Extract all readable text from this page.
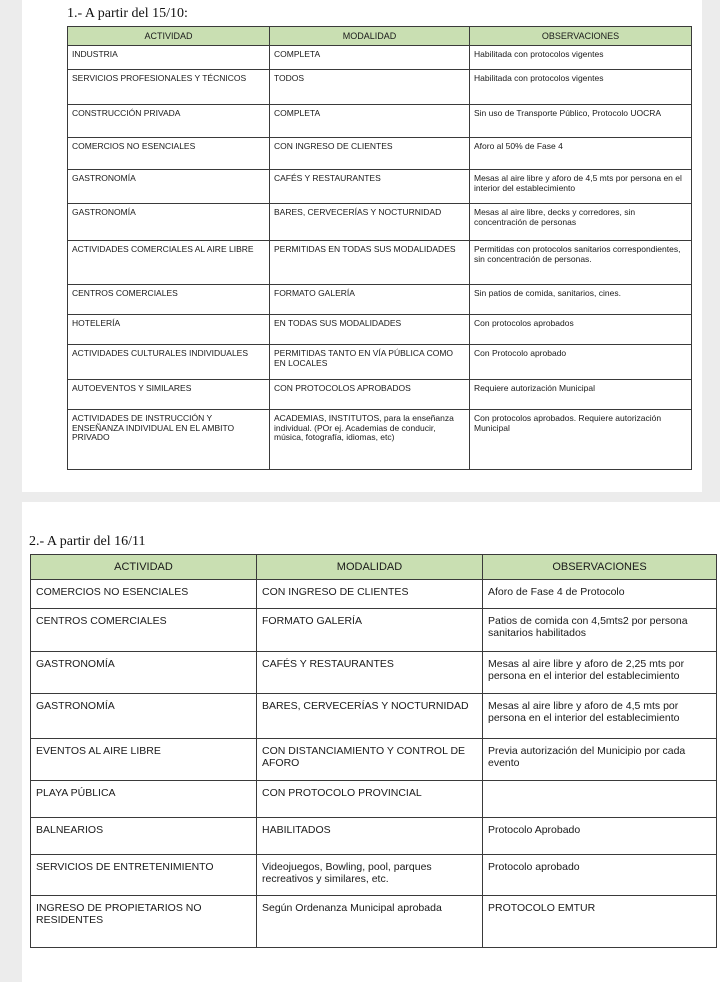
1.- A partir del 15/10:
ACTIVIDAD	MODALIDAD	OBSERVACIONES
INDUSTRIA	COMPLETA	Habilitada con protocolos vigentes
SERVICIOS PROFESIONALES Y TÉCNICOS	TODOS	Habilitada con protocolos vigentes
CONSTRUCCIÓN PRIVADA	COMPLETA	Sin uso de Transporte Público, Protocolo UOCRA
COMERCIOS NO ESENCIALES	CON INGRESO DE CLIENTES	Aforo al 50% de Fase 4
GASTRONOMÍA	CAFÉS Y RESTAURANTES	Mesas al aire libre y aforo de 4,5 mts por persona en el interior del establecimiento
GASTRONOMÍA	BARES, CERVECERÍAS Y NOCTURNIDAD	Mesas al aire libre, decks y corredores, sin concentración de personas
ACTIVIDADES COMERCIALES AL AIRE LIBRE	PERMITIDAS EN TODAS SUS MODALIDADES	Permitidas con protocolos sanitarios correspondientes, sin concentración de personas.
CENTROS COMERCIALES	FORMATO GALERÍA	Sin patios de comida, sanitarios, cines.
HOTELERÍA	EN TODAS SUS MODALIDADES	Con protocolos aprobados
ACTIVIDADES CULTURALES INDIVIDUALES	PERMITIDAS TANTO EN VÍA PÚBLICA COMO EN LOCALES	Con Protocolo aprobado
AUTOEVENTOS Y SIMILARES	CON PROTOCOLOS APROBADOS	Requiere autorización Municipal
ACTIVIDADES DE INSTRUCCIÓN Y ENSEÑANZA INDIVIDUAL EN EL AMBITO PRIVADO	ACADEMIAS, INSTITUTOS, para la enseñanza individual. (POr ej. Academias de conducir, música, fotografía, idiomas, etc)	Con protocolos aprobados. Requiere autorización Municipal
2.- A partir del 16/11
ACTIVIDAD	MODALIDAD	OBSERVACIONES
COMERCIOS NO ESENCIALES	CON INGRESO DE CLIENTES	Aforo de Fase 4 de Protocolo
CENTROS COMERCIALES	FORMATO GALERÍA	Patios de comida con 4,5mts2 por persona sanitarios habilitados
GASTRONOMÍA	CAFÉS Y RESTAURANTES	Mesas al aire libre y aforo de 2,25 mts por persona en el interior del establecimiento
GASTRONOMÍA	BARES, CERVECERÍAS Y NOCTURNIDAD	Mesas al aire libre y aforo de 4,5 mts por persona en el interior del establecimiento
EVENTOS AL AIRE LIBRE	CON DISTANCIAMIENTO Y CONTROL DE AFORO	Previa autorización del Municipio por cada evento
PLAYA PÚBLICA	CON PROTOCOLO PROVINCIAL	
BALNEARIOS	HABILITADOS	Protocolo Aprobado
SERVICIOS DE ENTRETENIMIENTO	Videojuegos, Bowling, pool, parques recreativos y similares, etc.	Protocolo aprobado
INGRESO DE PROPIETARIOS NO RESIDENTES	Según Ordenanza Municipal aprobada	PROTOCOLO EMTUR
